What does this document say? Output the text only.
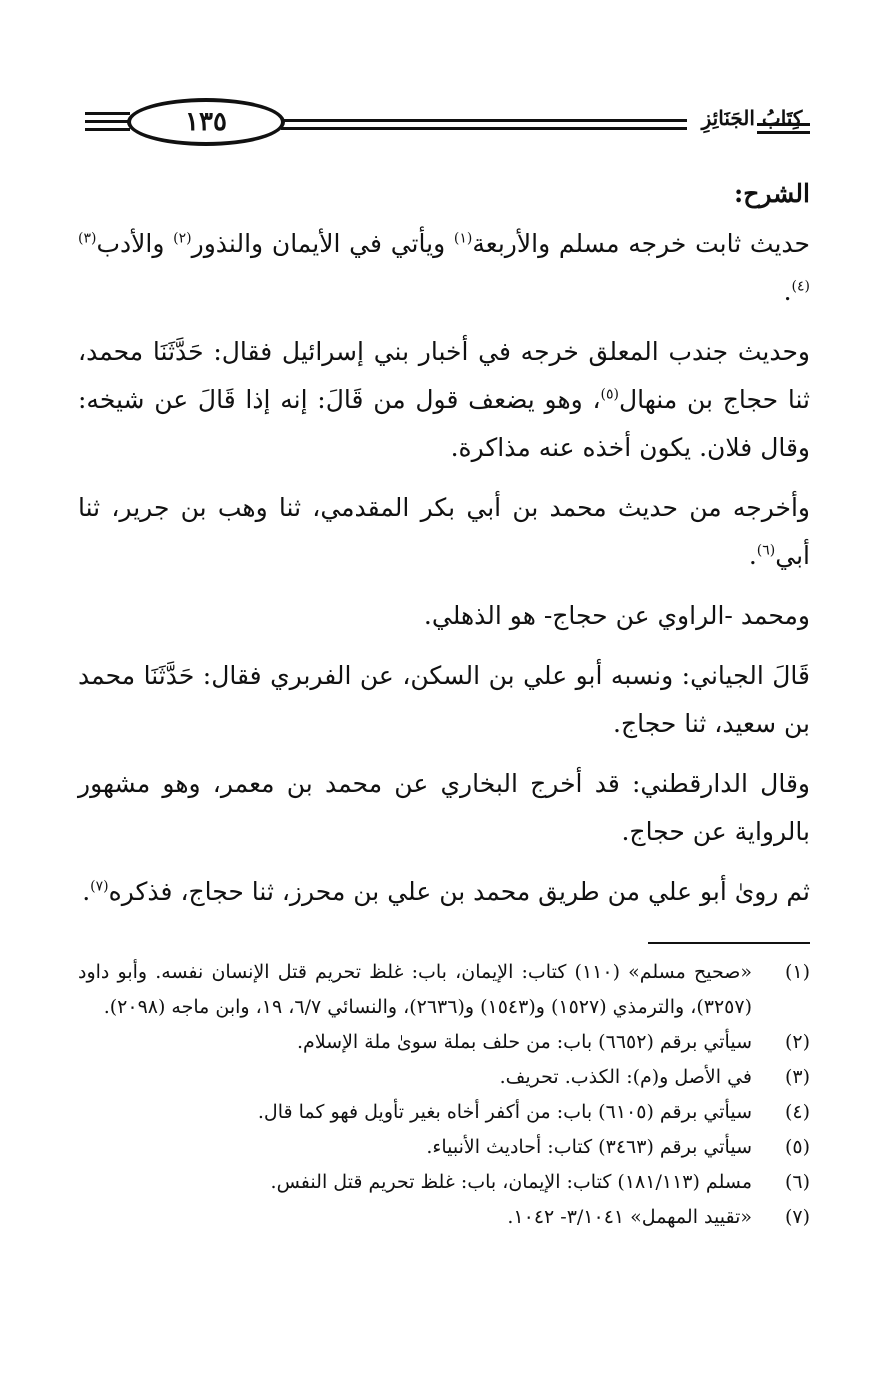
١٣٥	كِتَابُ الجَنَائِزِ

الشرح:

حديث ثابت خرجه مسلم والأربعة$^{(١)}$ ويأتي في الأيمان والنذور$^{(٢)}$ والأدب$^{(٣)(٤)}$.

وحديث جندب المعلق خرجه في أخبار بني إسرائيل فقال: حَدَّثَنَا محمد، ثنا حجاج بن منهال$^{(٥)}$، وهو يضعف قول من قَالَ: إنه إذا قَالَ عن شيخه: وقال فلان. يكون أخذه عنه مذاكرة.

وأخرجه من حديث محمد بن أبي بكر المقدمي، ثنا وهب بن جرير، ثنا أبي$^{(٦)}$.

ومحمد -الراوي عن حجاج- هو الذهلي.

قَالَ الجياني: ونسبه أبو علي بن السكن، عن الفربري فقال: حَدَّثَنَا محمد بن سعيد، ثنا حجاج.

وقال الدارقطني: قد أخرج البخاري عن محمد بن معمر، وهو مشهور بالرواية عن حجاج.

ثم روىٰ أبو علي من طريق محمد بن علي بن محرز، ثنا حجاج، فذكره$^{(٧)}$.

(١)
«صحيح مسلم» (١١٠) كتاب: الإيمان، باب: غلظ تحريم قتل الإنسان نفسه. وأبو داود (٣٢٥٧)، والترمذي (١٥٢٧) و(١٥٤٣) و(٢٦٣٦)، والنسائي ٦/٧، ١٩، وابن ماجه (٢٠٩٨).
(٢)
سيأتي برقم (٦٦٥٢) باب: من حلف بملة سوىٰ ملة الإسلام.
(٣)
في الأصل و(م): الكذب. تحريف.
(٤)
سيأتي برقم (٦١٠٥) باب: من أكفر أخاه بغير تأويل فهو كما قال.
(٥)
سيأتي برقم (٣٤٦٣) كتاب: أحاديث الأنبياء.
(٦)
مسلم (١٨١/١١٣) كتاب: الإيمان، باب: غلظ تحريم قتل النفس.
(٧)
«تقييد المهمل» ٣/١٠٤١- ١٠٤٢.
